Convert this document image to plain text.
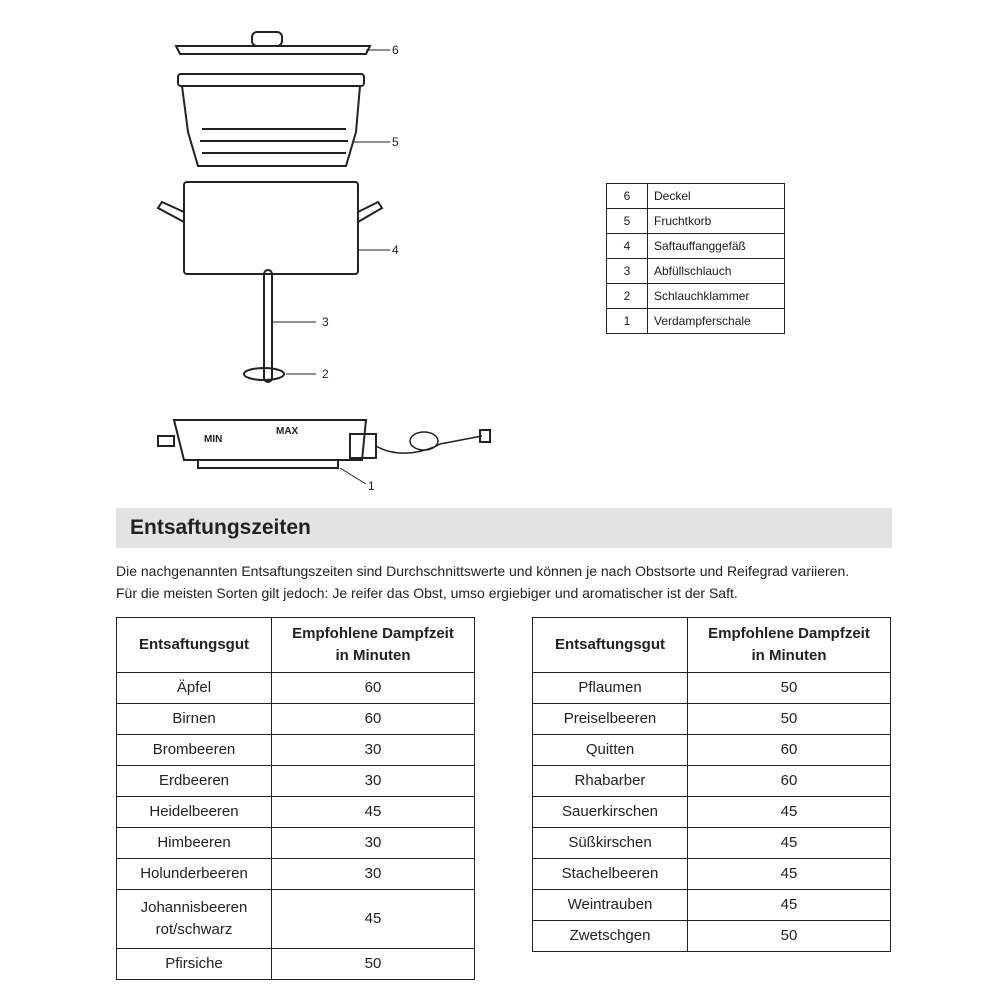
6
5
4
3
2
1
MIN
MAX
6	Deckel
5	Fruchtkorb
4	Saftauffanggefäß
3	Abfüllschlauch
2	Schlauchklammer
1	Verdampferschale
Entsaftungszeiten

Die nachgenannten Entsaftungszeiten sind Durchschnittswerte und können je nach Obstsorte und Reifegrad variieren.

Für die meisten Sorten gilt jedoch: Je reifer das Obst, umso ergiebiger und aromatischer ist der Saft.

Entsaftungsgut	Empfohlene Dampfzeit
in Minuten
Äpfel	60
Birnen	60
Brombeeren	30
Erdbeeren	30
Heidelbeeren	45
Himbeeren	30
Holunderbeeren	30
Johannisbeeren
rot/schwarz	45
Pfirsiche	50
Entsaftungsgut	Empfohlene Dampfzeit
in Minuten
Pflaumen	50
Preiselbeeren	50
Quitten	60
Rhabarber	60
Sauerkirschen	45
Süßkirschen	45
Stachelbeeren	45
Weintrauben	45
Zwetschgen	50
